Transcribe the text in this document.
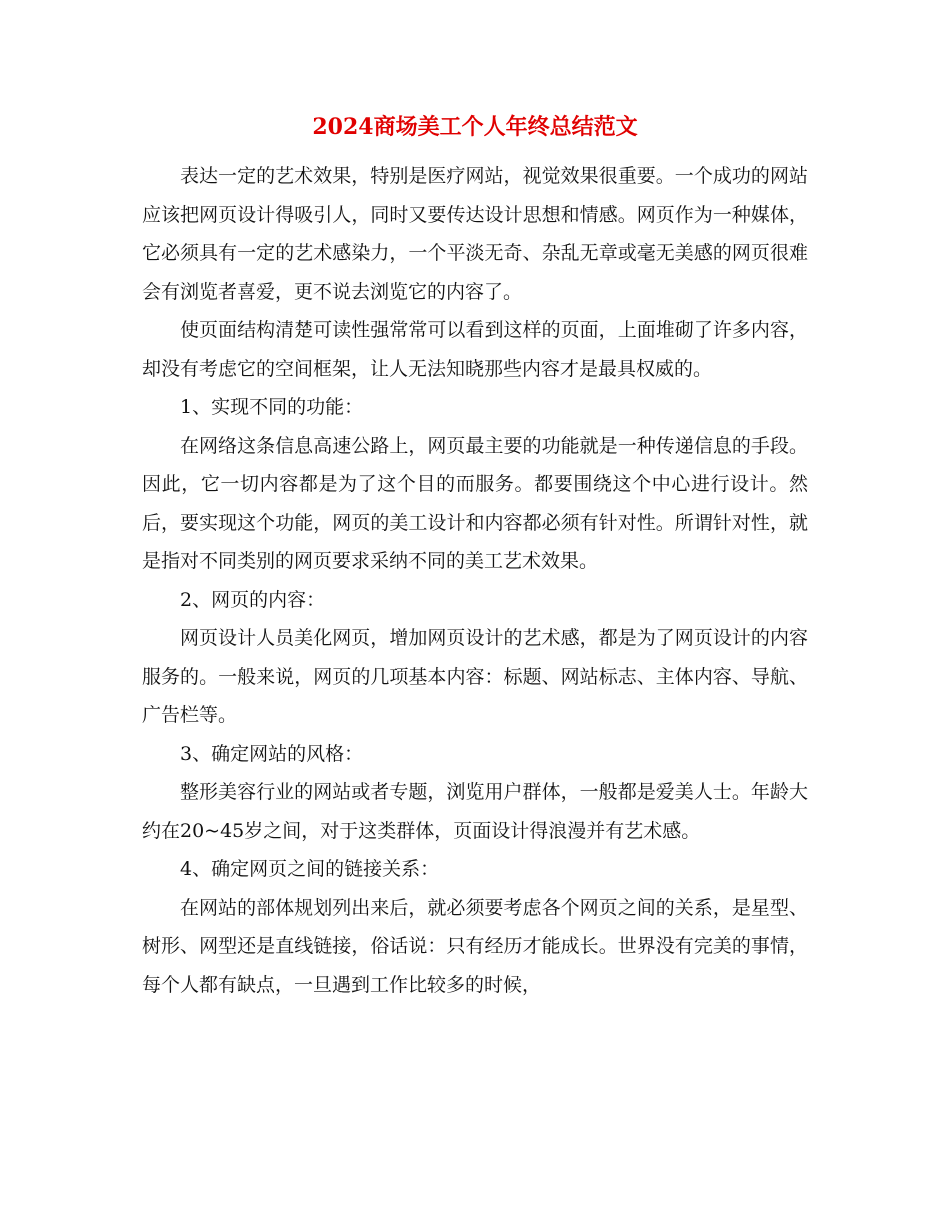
2024商场美工个人年终总结范文

表达一定的艺术效果，特别是医疗网站，视觉效果很重要。一个成功的网站应该把网页设计得吸引人，同时又要传达设计思想和情感。网页作为一种媒体，它必须具有一定的艺术感染力，一个平淡无奇、杂乱无章或毫无美感的网页很难会有浏览者喜爱，更不说去浏览它的内容了。

使页面结构清楚可读性强常常可以看到这样的页面，上面堆砌了许多内容，却没有考虑它的空间框架，让人无法知晓那些内容才是最具权威的。

1、实现不同的功能：

在网络这条信息高速公路上，网页最主要的功能就是一种传递信息的手段。因此，它一切内容都是为了这个目的而服务。都要围绕这个中心进行设计。然后，要实现这个功能，网页的美工设计和内容都必须有针对性。所谓针对性，就是指对不同类别的网页要求采纳不同的美工艺术效果。

2、网页的内容：

网页设计人员美化网页，增加网页设计的艺术感，都是为了网页设计的内容服务的。一般来说，网页的几项基本内容：标题、网站标志、主体内容、导航、广告栏等。

3、确定网站的风格：

整形美容行业的网站或者专题，浏览用户群体，一般都是爱美人士。年龄大约在20~45岁之间，对于这类群体，页面设计得浪漫并有艺术感。

4、确定网页之间的链接关系：

在网站的部体规划列出来后，就必须要考虑各个网页之间的关系，是星型、树形、网型还是直线链接，俗话说：只有经历才能成长。世界没有完美的事情，每个人都有缺点，一旦遇到工作比较多的时候，
